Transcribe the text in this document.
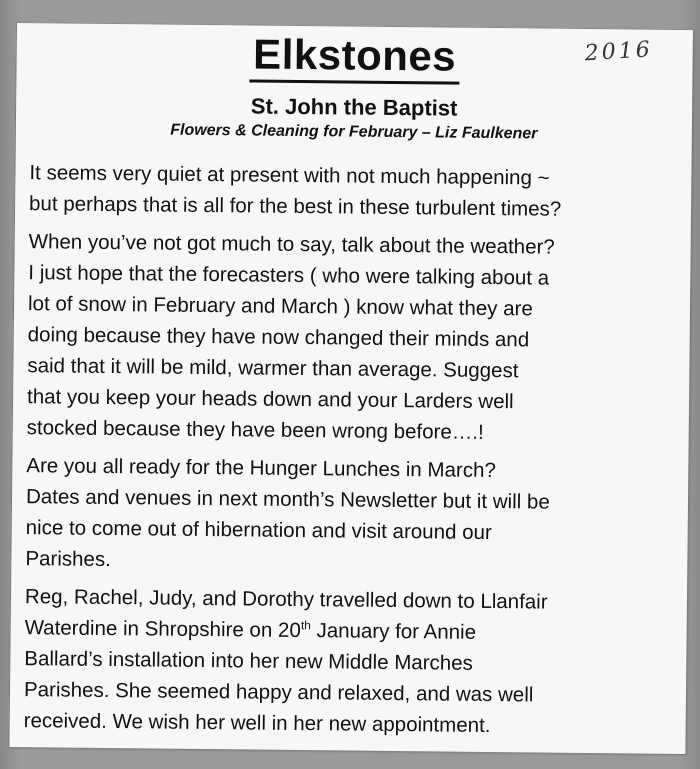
Elkstones	2016
St. John the Baptist
Flowers & Cleaning for February – Liz Faulkener

It seems very quiet at present with not much happening ~
but perhaps that is all for the best in these turbulent times?

When you’ve not got much to say, talk about the weather?
I just hope that the forecasters ( who were talking about a
lot of snow in February and March ) know what they are
doing because they have now changed their minds and
said that it will be mild, warmer than average. Suggest
that you keep your heads down and your Larders well
stocked because they have been wrong before….!

Are you all ready for the Hunger Lunches in March?
Dates and venues in next month’s Newsletter but it will be
nice to come out of hibernation and visit around our
Parishes.

Reg, Rachel, Judy, and Dorothy travelled down to Llanfair
Waterdine in Shropshire on 20th January for Annie
Ballard’s installation into her new Middle Marches
Parishes. She seemed happy and relaxed, and was well
received. We wish her well in her new appointment.
